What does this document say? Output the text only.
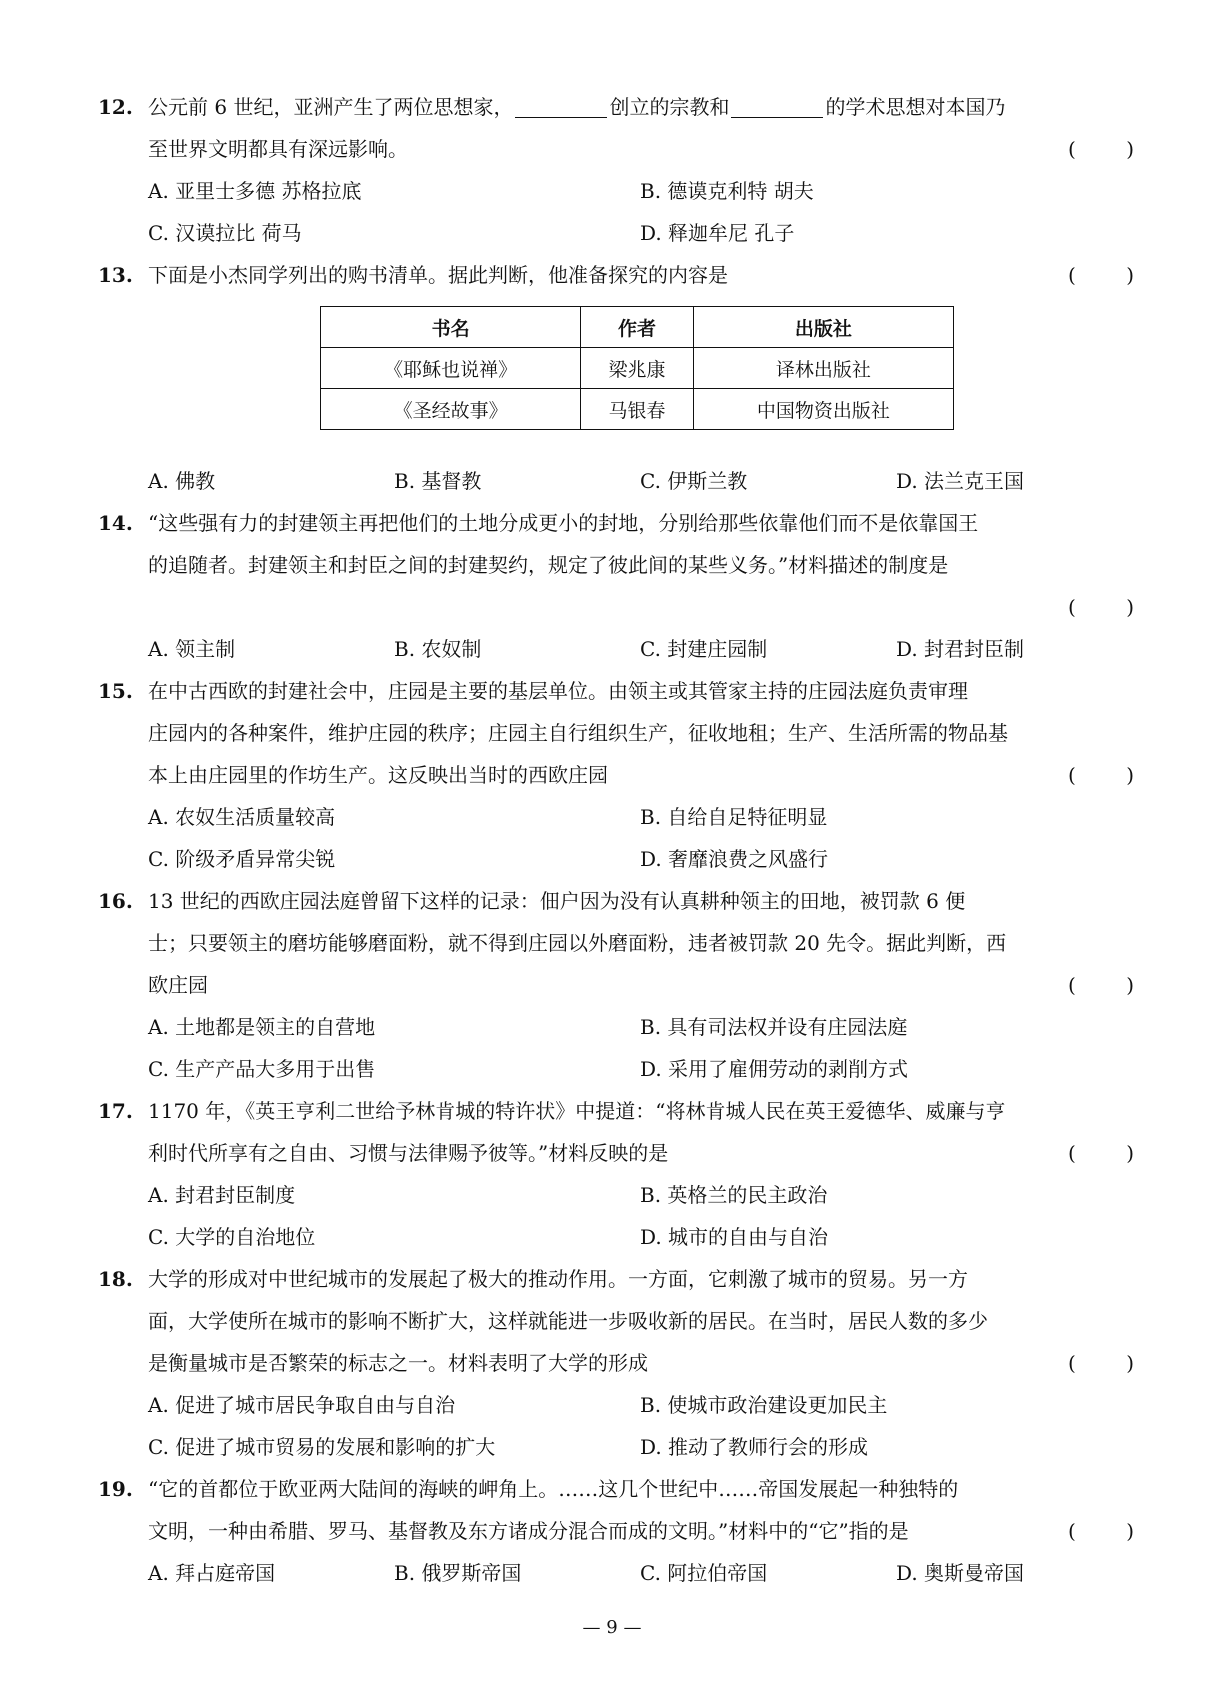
12. 公元前 6 世纪，亚洲产生了两位思想家，	创立的宗教和	的学术思想对本国乃
至世界文明都具有深远影响。	(	)
A. 亚里士多德 苏格拉底	B. 德谟克利特 胡夫
C. 汉谟拉比 荷马	D. 释迦牟尼 孔子
13. 下面是小杰同学列出的购书清单。据此判断，他准备探究的内容是	(	)
书名	作者	出版社
《耶稣也说禅》	梁兆康	译林出版社
《圣经故事》	马银春	中国物资出版社
A. 佛教	B. 基督教	C. 伊斯兰教	D. 法兰克王国
14. “这些强有力的封建领主再把他们的土地分成更小的封地，分别给那些依靠他们而不是依靠国王
的追随者。封建领主和封臣之间的封建契约，规定了彼此间的某些义务。”材料描述的制度是
(	)
A. 领主制	B. 农奴制	C. 封建庄园制	D. 封君封臣制
15. 在中古西欧的封建社会中，庄园是主要的基层单位。由领主或其管家主持的庄园法庭负责审理
庄园内的各种案件，维护庄园的秩序；庄园主自行组织生产，征收地租；生产、生活所需的物品基
本上由庄园里的作坊生产。这反映出当时的西欧庄园	(	)
A. 农奴生活质量较高	B. 自给自足特征明显
C. 阶级矛盾异常尖锐	D. 奢靡浪费之风盛行
16. 13 世纪的西欧庄园法庭曾留下这样的记录：佃户因为没有认真耕种领主的田地，被罚款 6 便
士；只要领主的磨坊能够磨面粉，就不得到庄园以外磨面粉，违者被罚款 20 先令。据此判断，西
欧庄园	(	)
A. 土地都是领主的自营地	B. 具有司法权并设有庄园法庭
C. 生产产品大多用于出售	D. 采用了雇佣劳动的剥削方式
17. 1170 年，《英王亨利二世给予林肯城的特许状》中提道：“将林肯城人民在英王爱德华、威廉与亨
利时代所享有之自由、习惯与法律赐予彼等。”材料反映的是	(	)
A. 封君封臣制度	B. 英格兰的民主政治
C. 大学的自治地位	D. 城市的自由与自治
18. 大学的形成对中世纪城市的发展起了极大的推动作用。一方面，它刺激了城市的贸易。另一方
面，大学使所在城市的影响不断扩大，这样就能进一步吸收新的居民。在当时，居民人数的多少
是衡量城市是否繁荣的标志之一。材料表明了大学的形成	(	)
A. 促进了城市居民争取自由与自治	B. 使城市政治建设更加民主
C. 促进了城市贸易的发展和影响的扩大	D. 推动了教师行会的形成
19. “它的首都位于欧亚两大陆间的海峡的岬角上。……这几个世纪中……帝国发展起一种独特的
文明，一种由希腊、罗马、基督教及东方诸成分混合而成的文明。”材料中的“它”指的是	(	)
A. 拜占庭帝国	B. 俄罗斯帝国	C. 阿拉伯帝国	D. 奥斯曼帝国
— 9 —
